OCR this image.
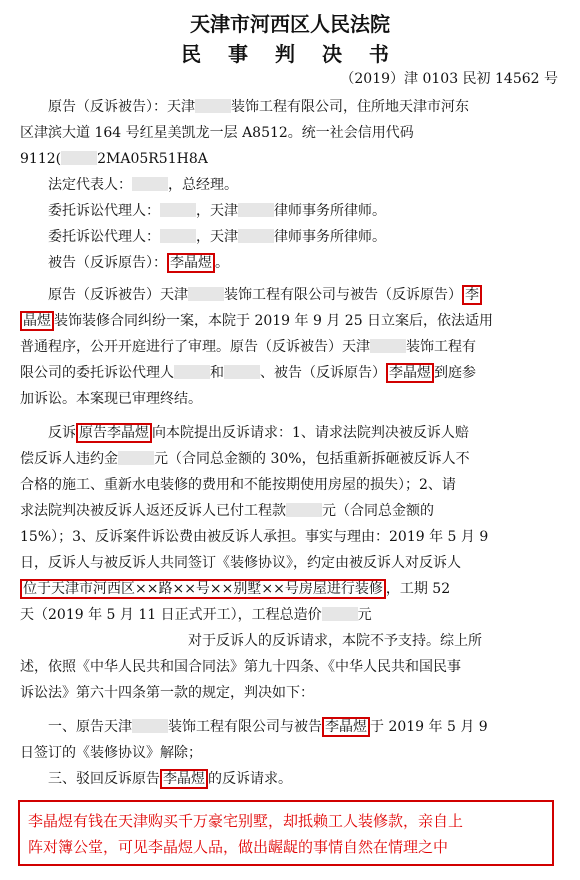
天津市河西区人民法院
民 事 判 决 书
（2019）津 0103 民初 14562 号
原告（反诉被告）：天津	装饰工程有限公司，住所地天津市河东
区津滨大道 164 号红星美凯龙一层 A8512。统一社会信用代码
9112(	2MA05R51H8A
法定代表人：	，总经理。
委托诉讼代理人：	，天津	律师事务所律师。
委托诉讼代理人：	，天津	律师事务所律师。
被告（反诉原告）： 李晶煜 。
原告（反诉被告）天津	装饰工程有限公司与被告（反诉原告） 李
晶煜 装饰装修合同纠纷一案，本院于 2019 年 9 月 25 日立案后，依法适用
普通程序，公开开庭进行了审理。原告（反诉被告）天津	装饰工程有
限公司的委托诉讼代理人	和	、被告（反诉原告） 李晶煜 到庭参
加诉讼。本案现已审理终结。
反诉 原告李晶煜 向本院提出反诉请求：1、请求法院判决被反诉人赔
偿反诉人违约金	元（合同总金额的 30%，包括重新拆砸被反诉人不
合格的施工、重新水电装修的费用和不能按期使用房屋的损失）；2、请
求法院判决被反诉人返还反诉人已付工程款	元（合同总金额的
15%）；3、反诉案件诉讼费由被反诉人承担。事实与理由：2019 年 5 月 9
日，反诉人与被反诉人共同签订《装修协议》，约定由被反诉人对反诉人
位于天津市河西区××路××号××别墅××号房屋进行装修 ，工期 52
天（2019 年 5 月 11 日正式开工），工程总造价	元
对于反诉人的反诉请求，本院不予支持。综上所
述，依照《中华人民共和国合同法》第九十四条、《中华人民共和国民事
诉讼法》第六十四条第一款的规定，判决如下：
一、原告天津	装饰工程有限公司与被告 李晶煜 于 2019 年 5 月 9
日签订的《装修协议》解除；
三、驳回反诉原告 李晶煜 的反诉请求。
李晶煜有钱在天津购买千万豪宅别墅，却抵赖工人装修款，亲自上
阵对簿公堂，可见李晶煜人品，做出龌龊的事情自然在情理之中
